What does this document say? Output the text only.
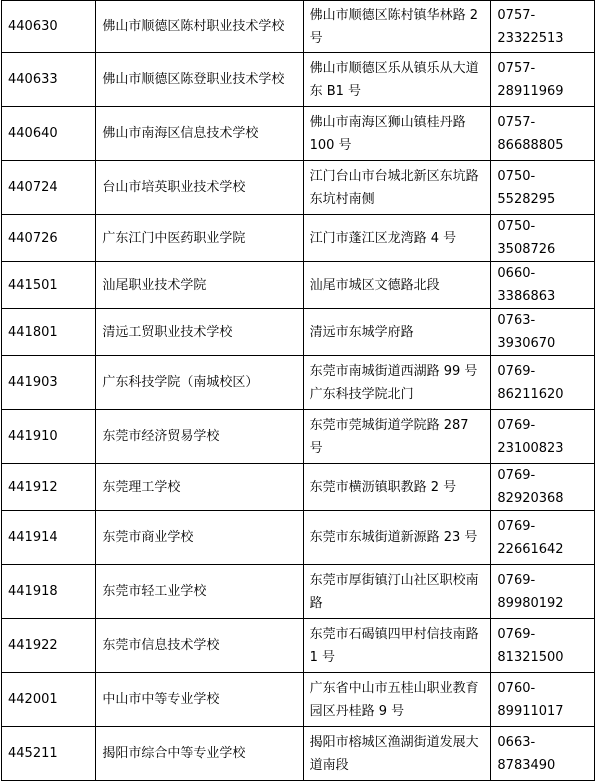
440630	佛山市顺德区陈村职业技术学校	佛山市顺德区陈村镇华林路 2 号	0757-23322513
440633	佛山市顺德区陈登职业技术学校	佛山市顺德区乐从镇乐从大道东 B1 号	0757-28911969
440640	佛山市南海区信息技术学校	佛山市南海区狮山镇桂丹路 100 号	0757-86688805
440724	台山市培英职业技术学校	江门台山市台城北新区东坑路东坑村南侧	0750-5528295
440726	广东江门中医药职业学院	江门市蓬江区龙湾路 4 号	0750-3508726
441501	汕尾职业技术学院	汕尾市城区文德路北段	0660-3386863
441801	清远工贸职业技术学校	清远市东城学府路	0763-3930670
441903	广东科技学院（南城校区）	东莞市南城街道西湖路 99 号广东科技学院北门	0769-86211620
441910	东莞市经济贸易学校	东莞市莞城街道学院路 287 号	0769-23100823
441912	东莞理工学校	东莞市横沥镇职教路 2 号	0769-82920368
441914	东莞市商业学校	东莞市东城街道新源路 23 号	0769-22661642
441918	东莞市轻工业学校	东莞市厚街镇汀山社区职校南路	0769-89980192
441922	东莞市信息技术学校	东莞市石碣镇四甲村信技南路 1 号	0769-81321500
442001	中山市中等专业学校	广东省中山市五桂山职业教育园区丹桂路 9 号	0760-89911017
445211	揭阳市综合中等专业学校	揭阳市榕城区渔湖街道发展大道南段	0663-8783490
